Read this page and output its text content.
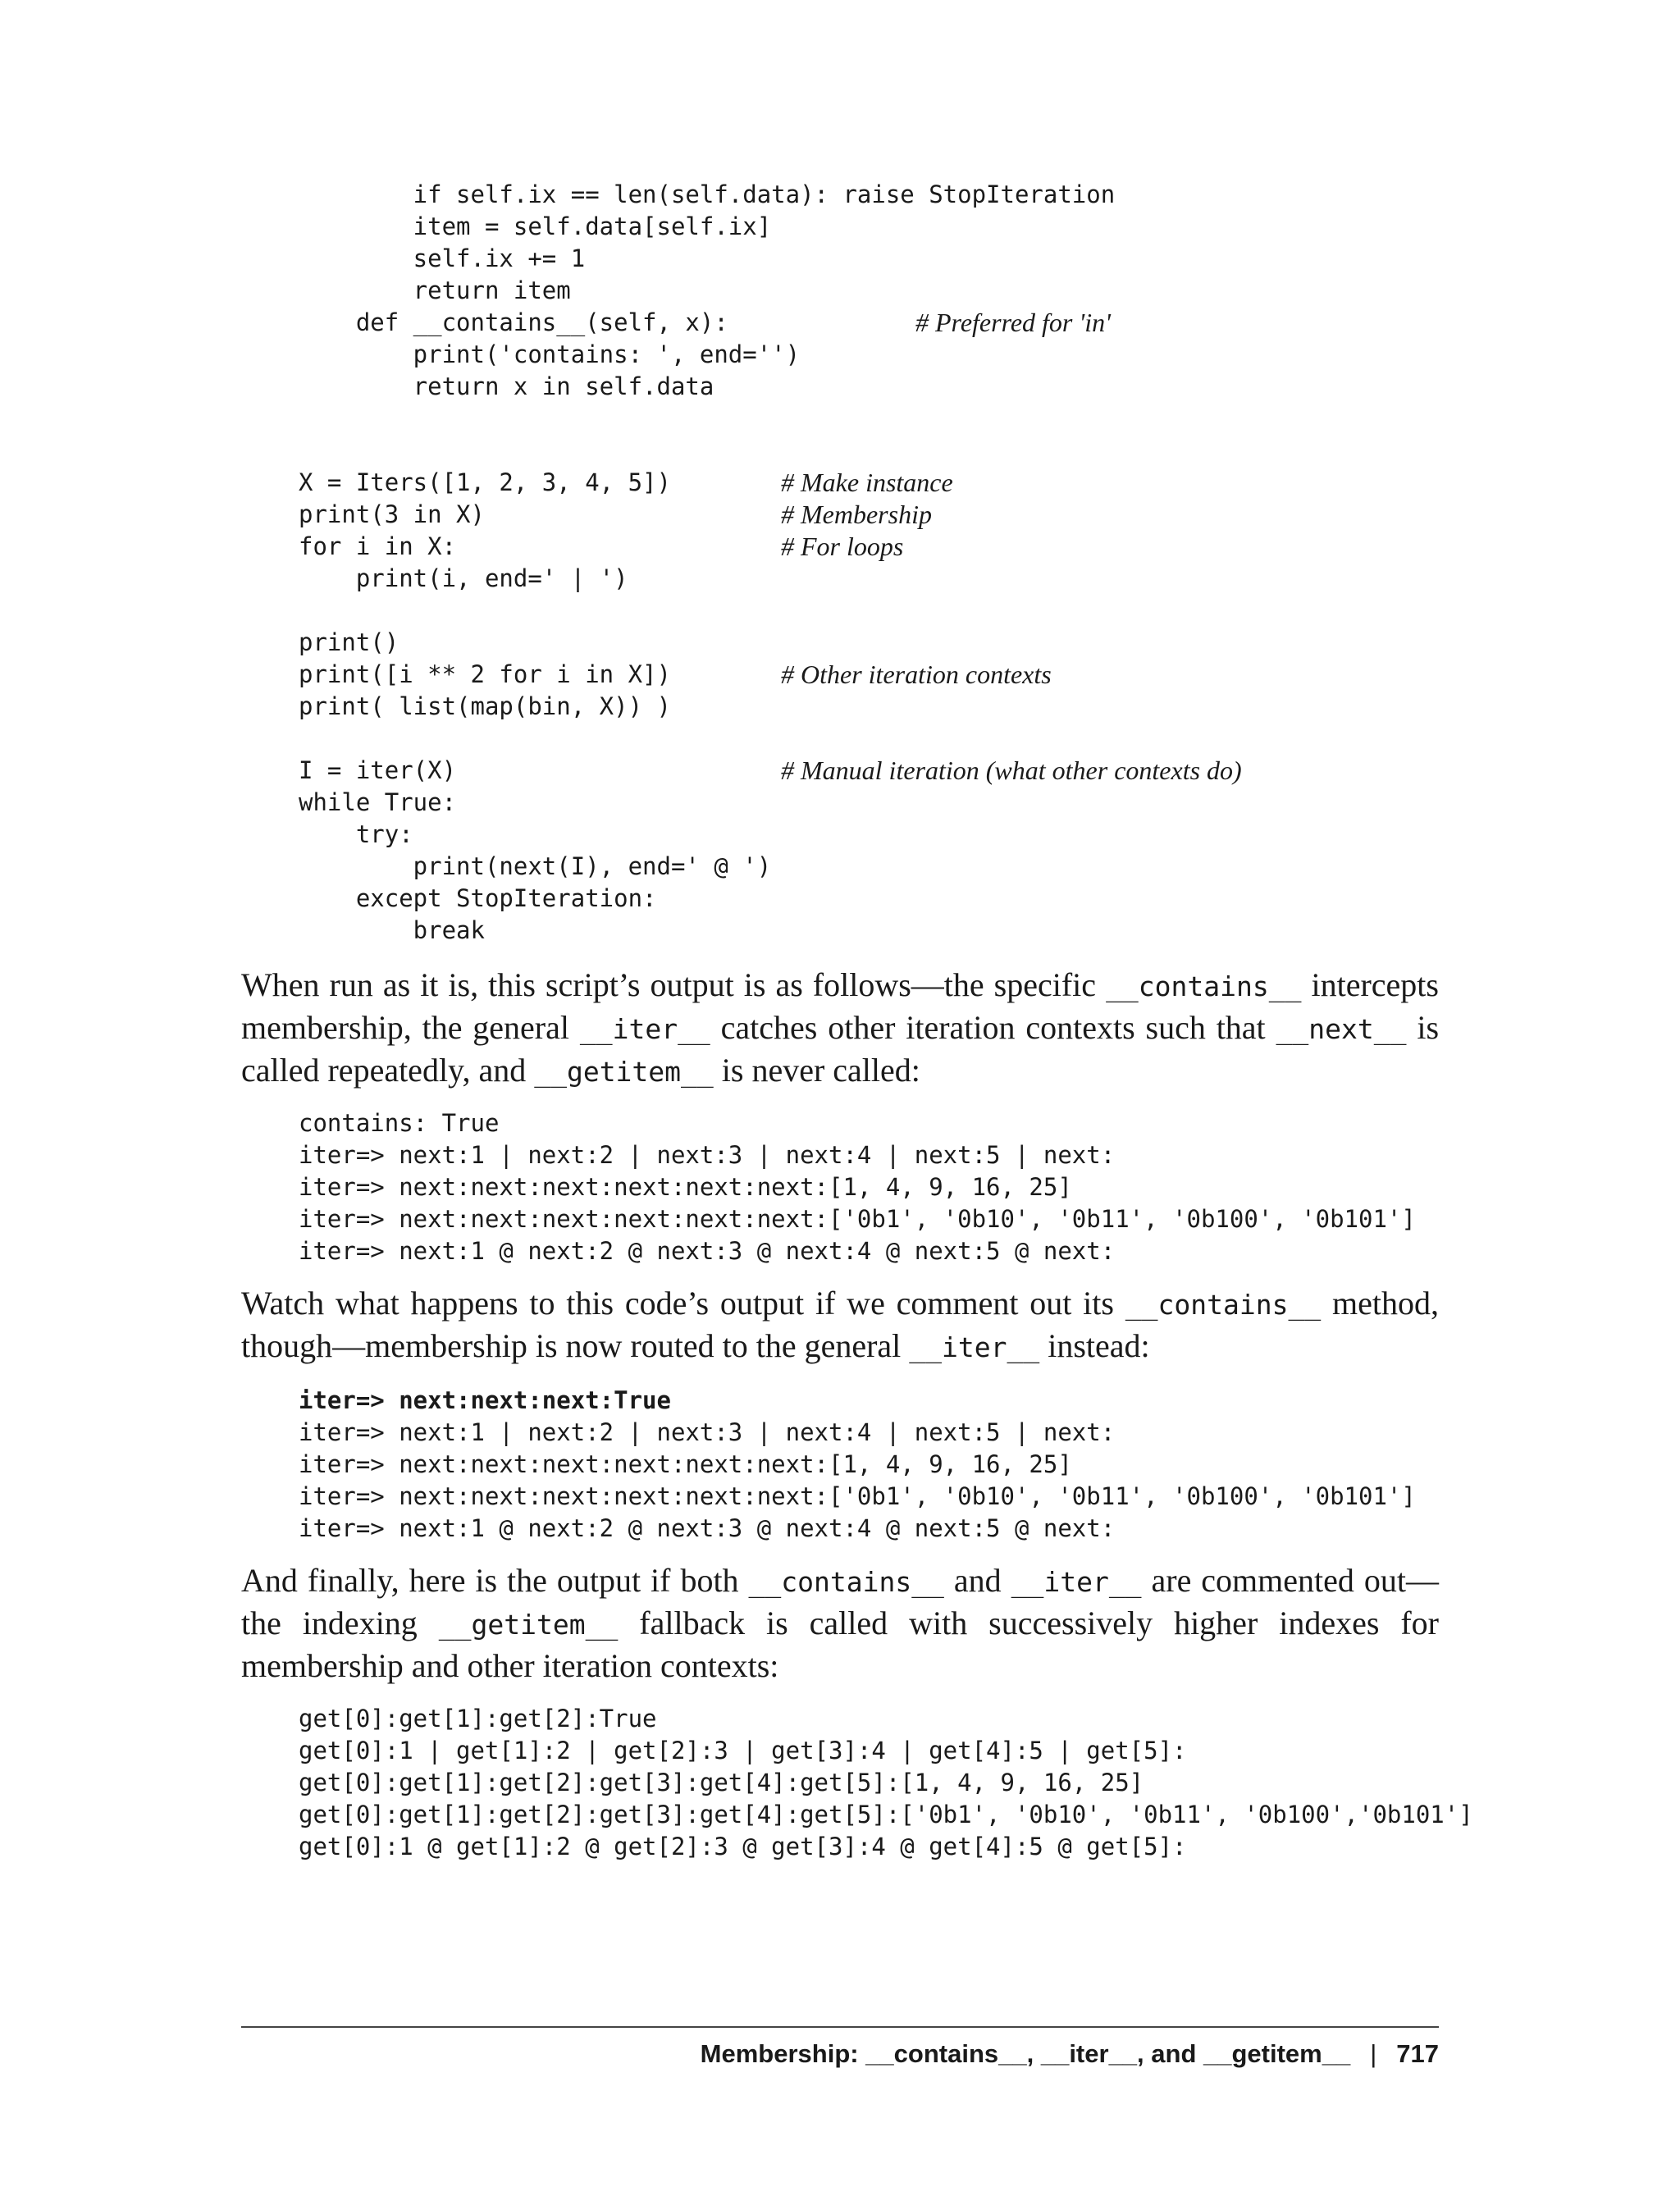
if self.ix == len(self.data): raise StopIteration
item = self.data[self.ix]
self.ix += 1
return item
def __contains__(self, x):	# Preferred for 'in'
print('contains: ', end='')
return x in self.data
X = Iters([1, 2, 3, 4, 5])	# Make instance
print(3 in X)	# Membership
for i in X:	# For loops
print(i, end=' | ')
print()
print([i ** 2 for i in X])	# Other iteration contexts
print( list(map(bin, X)) )
I = iter(X)	# Manual iteration (what other contexts do)
while True:
try:
print(next(I), end=' @ ')
except StopIteration:
break

When run as it is, this script’s output is as follows—the specific __contains__ intercepts membership, the general __iter__ catches other iteration contexts such that __next__ is called repeatedly, and __getitem__ is never called:

contains: True
iter=> next:1 | next:2 | next:3 | next:4 | next:5 | next:
iter=> next:next:next:next:next:next:[1, 4, 9, 16, 25]
iter=> next:next:next:next:next:next:['0b1', '0b10', '0b11', '0b100', '0b101']
iter=> next:1 @ next:2 @ next:3 @ next:4 @ next:5 @ next:

Watch what happens to this code’s output if we comment out its __contains__ method, though—membership is now routed to the general __iter__ instead:

iter=> next:next:next:True
iter=> next:1 | next:2 | next:3 | next:4 | next:5 | next:
iter=> next:next:next:next:next:next:[1, 4, 9, 16, 25]
iter=> next:next:next:next:next:next:['0b1', '0b10', '0b11', '0b100', '0b101']
iter=> next:1 @ next:2 @ next:3 @ next:4 @ next:5 @ next:

And finally, here is the output if both __contains__ and __iter__ are commented out—the indexing __getitem__ fallback is called with successively higher indexes for membership and other iteration contexts:

get[0]:get[1]:get[2]:True
get[0]:1 | get[1]:2 | get[2]:3 | get[3]:4 | get[4]:5 | get[5]:
get[0]:get[1]:get[2]:get[3]:get[4]:get[5]:[1, 4, 9, 16, 25]
get[0]:get[1]:get[2]:get[3]:get[4]:get[5]:['0b1', '0b10', '0b11', '0b100','0b101']
get[0]:1 @ get[1]:2 @ get[2]:3 @ get[3]:4 @ get[4]:5 @ get[5]:
Membership: __contains__, __iter__, and __getitem__ | 717
